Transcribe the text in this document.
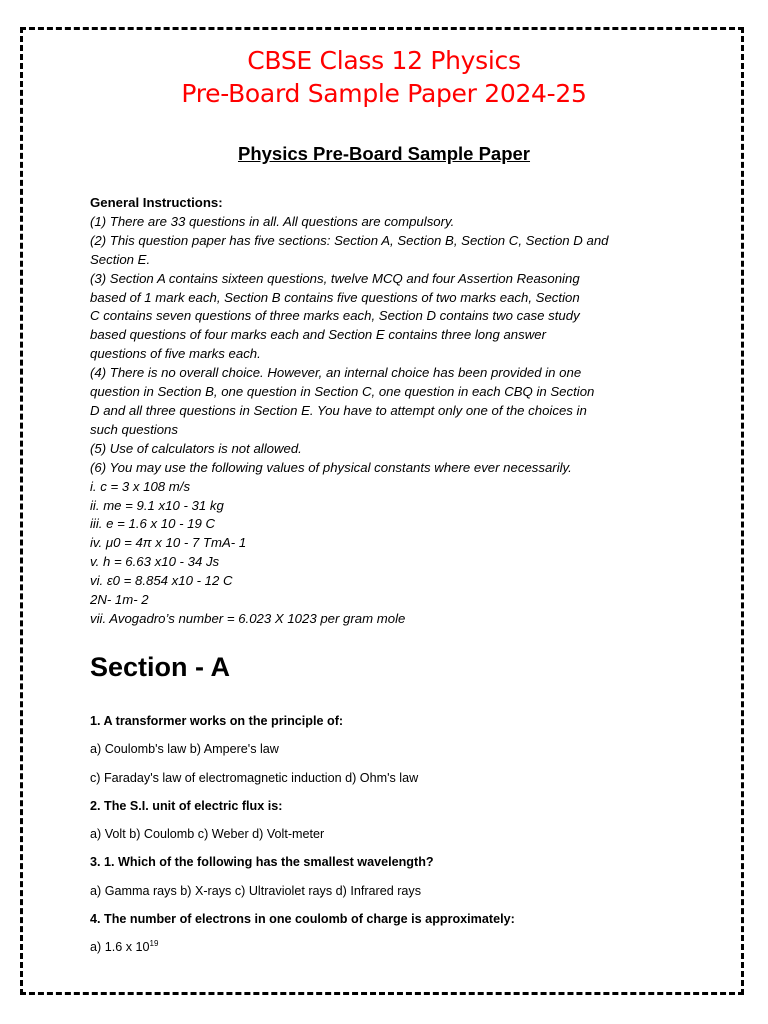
CBSE Class 12 Physics
Pre-Board Sample Paper 2024-25
Physics Pre-Board Sample Paper
General Instructions:
(1) There are 33 questions in all. All questions are compulsory.
(2) This question paper has five sections: Section A, Section B, Section C, Section D and
Section E.
(3) Section A contains sixteen questions, twelve MCQ and four Assertion Reasoning
based of 1 mark each, Section B contains five questions of two marks each, Section
C contains seven questions of three marks each, Section D contains two case study
based questions of four marks each and Section E contains three long answer
questions of five marks each.
(4) There is no overall choice. However, an internal choice has been provided in one
question in Section B, one question in Section C, one question in each CBQ in Section
D and all three questions in Section E. You have to attempt only one of the choices in
such questions
(5) Use of calculators is not allowed.
(6) You may use the following values of physical constants where ever necessarily.
i. c = 3 x 108 m/s
ii. me = 9.1 x10 - 31 kg
iii. e = 1.6 x 10 - 19 C
iv. μ0 = 4π x 10 - 7 TmA- 1
v. h = 6.63 x10 - 34 Js
vi. ε0 = 8.854 x10 - 12 C
2N- 1m- 2
vii. Avogadro’s number = 6.023 X 1023 per gram mole
Section - A
1. A transformer works on the principle of:
a) Coulomb's law b) Ampere's law
c) Faraday's law of electromagnetic induction d) Ohm's law
2. The S.I. unit of electric flux is:
a) Volt b) Coulomb c) Weber d) Volt-meter
3. 1. Which of the following has the smallest wavelength?
a) Gamma rays b) X-rays c) Ultraviolet rays d) Infrared rays
4. The number of electrons in one coulomb of charge is approximately:
a) 1.6 x $10^{19}$
